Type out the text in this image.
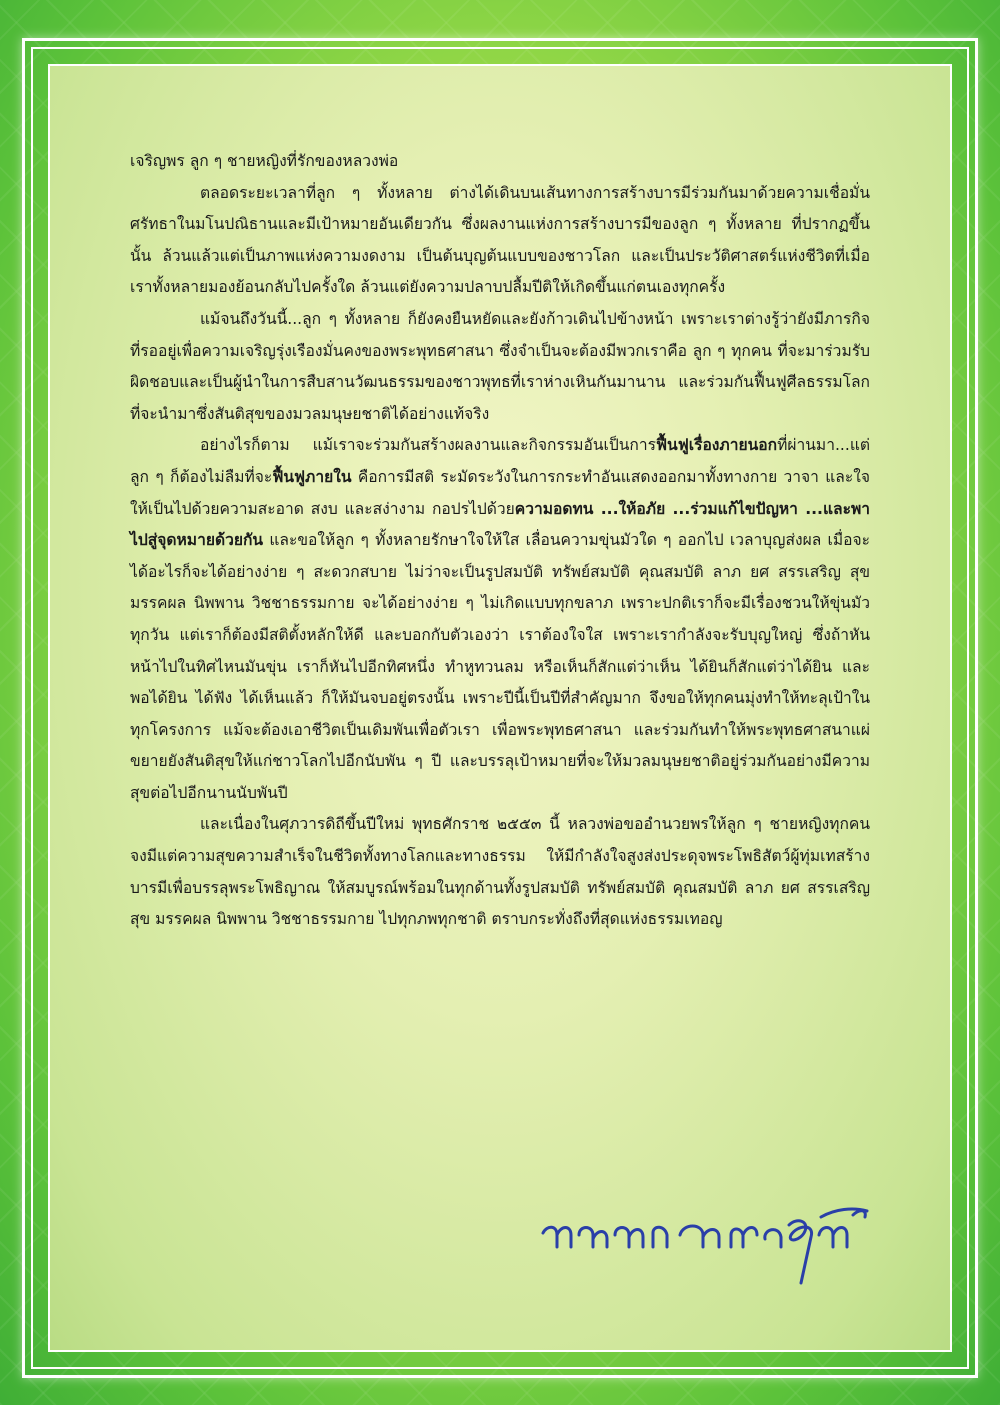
เจริญพร ลูก ๆ ชายหญิงที่รักของหลวงพ่อ

ตลอดระยะเวลาที่ลูก ๆ ทั้งหลาย ต่างได้เดินบนเส้นทางการสร้างบารมีร่วมกันมาด้วยความเชื่อมั่นศรัทธาในมโนปณิธานและมีเป้าหมายอันเดียวกัน ซึ่งผลงานแห่งการสร้างบารมีของลูก ๆ ทั้งหลาย ที่ปรากฏขึ้นนั้น ล้วนแล้วแต่เป็นภาพแห่งความงดงาม เป็นต้นบุญต้นแบบของชาวโลก และเป็นประวัติศาสตร์แห่งชีวิตที่เมื่อเราทั้งหลายมองย้อนกลับไปครั้งใด ล้วนแต่ยังความปลาบปลื้มปีติให้เกิดขึ้นแก่ตนเองทุกครั้ง

แม้จนถึงวันนี้...ลูก ๆ ทั้งหลาย ก็ยังคงยืนหยัดและยังก้าวเดินไปข้างหน้า เพราะเราต่างรู้ว่ายังมีภารกิจที่รออยู่เพื่อความเจริญรุ่งเรืองมั่นคงของพระพุทธศาสนา ซึ่งจำเป็นจะต้องมีพวกเราคือ ลูก ๆ ทุกคน ที่จะมาร่วมรับผิดชอบและเป็นผู้นำในการสืบสานวัฒนธรรมของชาวพุทธที่เราห่างเหินกันมานาน และร่วมกันฟื้นฟูศีลธรรมโลกที่จะนำมาซึ่งสันติสุขของมวลมนุษยชาติได้อย่างแท้จริง

อย่างไรก็ตาม แม้เราจะร่วมกันสร้างผลงานและกิจกรรมอันเป็นการฟื้นฟูเรื่องภายนอกที่ผ่านมา...แต่ลูก ๆ ก็ต้องไม่ลืมที่จะฟื้นฟูภายใน คือการมีสติ ระมัดระวังในการกระทำอันแสดงออกมาทั้งทางกาย วาจา และใจ ให้เป็นไปด้วยความสะอาด สงบ และสง่างาม กอปรไปด้วยความอดทน ...ให้อภัย ...ร่วมแก้ไขปัญหา ...และพาไปสู่จุดหมายด้วยกัน และขอให้ลูก ๆ ทั้งหลายรักษาใจให้ใส เลื่อนความขุ่นมัวใด ๆ ออกไป เวลาบุญส่งผล เมื่อจะได้อะไรก็จะได้อย่างง่าย ๆ สะดวกสบาย ไม่ว่าจะเป็นรูปสมบัติ ทรัพย์สมบัติ คุณสมบัติ ลาภ ยศ สรรเสริญ สุข มรรคผล นิพพาน วิชชาธรรมกาย จะได้อย่างง่าย ๆ ไม่เกิดแบบทุกขลาภ เพราะปกติเราก็จะมีเรื่องชวนให้ขุ่นมัวทุกวัน แต่เราก็ต้องมีสติตั้งหลักให้ดี และบอกกับตัวเองว่า เราต้องใจใส เพราะเรากำลังจะรับบุญใหญ่ ซึ่งถ้าหันหน้าไปในทิศไหนมันขุ่น เราก็หันไปอีกทิศหนึ่ง ทำหูทวนลม หรือเห็นก็สักแต่ว่าเห็น ได้ยินก็สักแต่ว่าได้ยิน และพอได้ยิน ได้ฟัง ได้เห็นแล้ว ก็ให้มันจบอยู่ตรงนั้น เพราะปีนี้เป็นปีที่สำคัญมาก จึงขอให้ทุกคนมุ่งทำให้ทะลุเป้าในทุกโครงการ แม้จะต้องเอาชีวิตเป็นเดิมพันเพื่อตัวเรา เพื่อพระพุทธศาสนา และร่วมกันทำให้พระพุทธศาสนาแผ่ขยายยังสันติสุขให้แก่ชาวโลกไปอีกนับพัน ๆ ปี และบรรลุเป้าหมายที่จะให้มวลมนุษยชาติอยู่ร่วมกันอย่างมีความสุขต่อไปอีกนานนับพันปี

และเนื่องในศุภวารดิถีขึ้นปีใหม่ พุทธศักราช ๒๕๕๓ นี้ หลวงพ่อขออำนวยพรให้ลูก ๆ ชายหญิงทุกคน จงมีแต่ความสุขความสำเร็จในชีวิตทั้งทางโลกและทางธรรม ให้มีกำลังใจสูงส่งประดุจพระโพธิสัตว์ผู้ทุ่มเทสร้างบารมีเพื่อบรรลุพระโพธิญาณ ให้สมบูรณ์พร้อมในทุกด้านทั้งรูปสมบัติ ทรัพย์สมบัติ คุณสมบัติ ลาภ ยศ สรรเสริญ สุข มรรคผล นิพพาน วิชชาธรรมกาย ไปทุกภพทุกชาติ ตราบกระทั่งถึงที่สุดแห่งธรรมเทอญ
